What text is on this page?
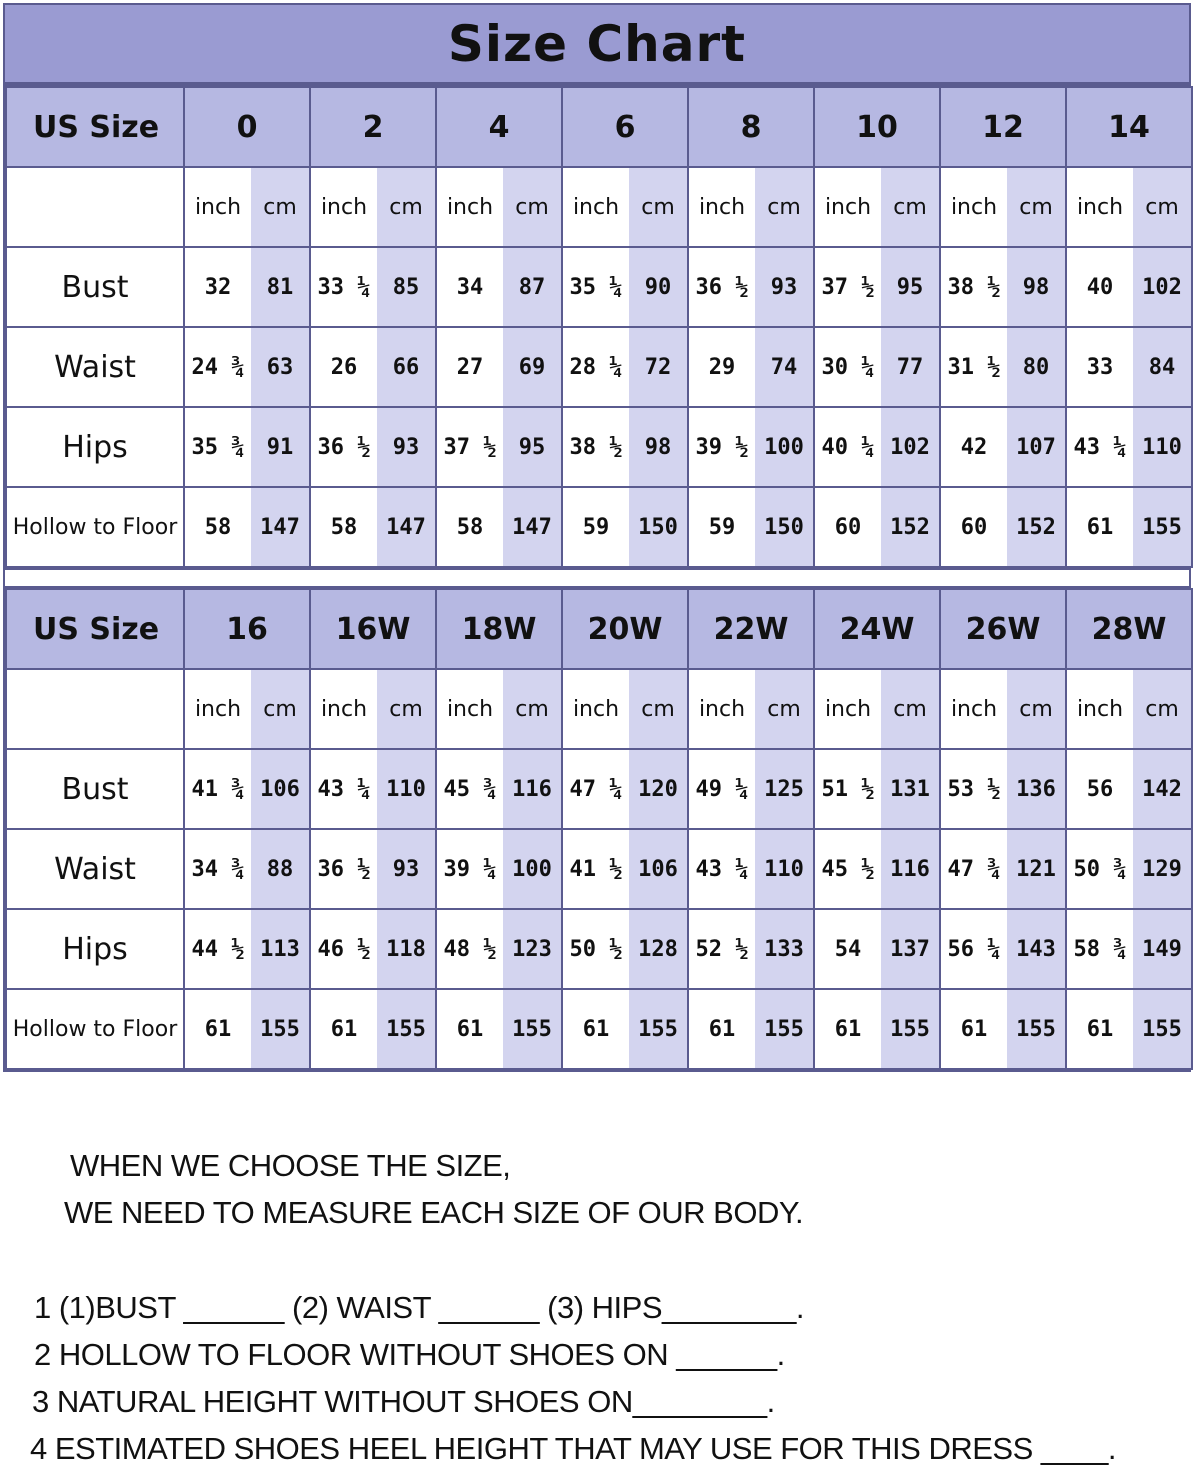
Size Chart
US Size	0		2		4		6		8		10		12		14	
	inch	cm	inch	cm	inch	cm	inch	cm	inch	cm	inch	cm	inch	cm	inch	cm
Bust	32	81	33 ¼	85	34	87	35 ¼	90	36 ½	93	37 ½	95	38 ½	98	40	102
Waist	24 ¾	63	26	66	27	69	28 ¼	72	29	74	30 ¼	77	31 ½	80	33	84
Hips	35 ¾	91	36 ½	93	37 ½	95	38 ½	98	39 ½	100	40 ¼	102	42	107	43 ¼	110
Hollow to Floor	58	147	58	147	58	147	59	150	59	150	60	152	60	152	61	155
US Size	16		16W		18W		20W		22W		24W		26W		28W	
	inch	cm	inch	cm	inch	cm	inch	cm	inch	cm	inch	cm	inch	cm	inch	cm
Bust	41 ¾	106	43 ¼	110	45 ¾	116	47 ¼	120	49 ¼	125	51 ½	131	53 ½	136	56	142
Waist	34 ¾	88	36 ½	93	39 ¼	100	41 ½	106	43 ¼	110	45 ½	116	47 ¾	121	50 ¾	129
Hips	44 ½	113	46 ½	118	48 ½	123	50 ½	128	52 ½	133	54	137	56 ¼	143	58 ¾	149
Hollow to Floor	61	155	61	155	61	155	61	155	61	155	61	155	61	155	61	155
WHEN WE CHOOSE THE SIZE,
WE NEED TO MEASURE EACH SIZE OF OUR BODY.
1 (1)BUST ______ (2) WAIST ______ (3) HIPS________.
2 HOLLOW TO FLOOR WITHOUT SHOES ON ______.
3 NATURAL HEIGHT WITHOUT SHOES ON________.
4 ESTIMATED SHOES HEEL HEIGHT THAT MAY USE FOR THIS DRESS ____.
